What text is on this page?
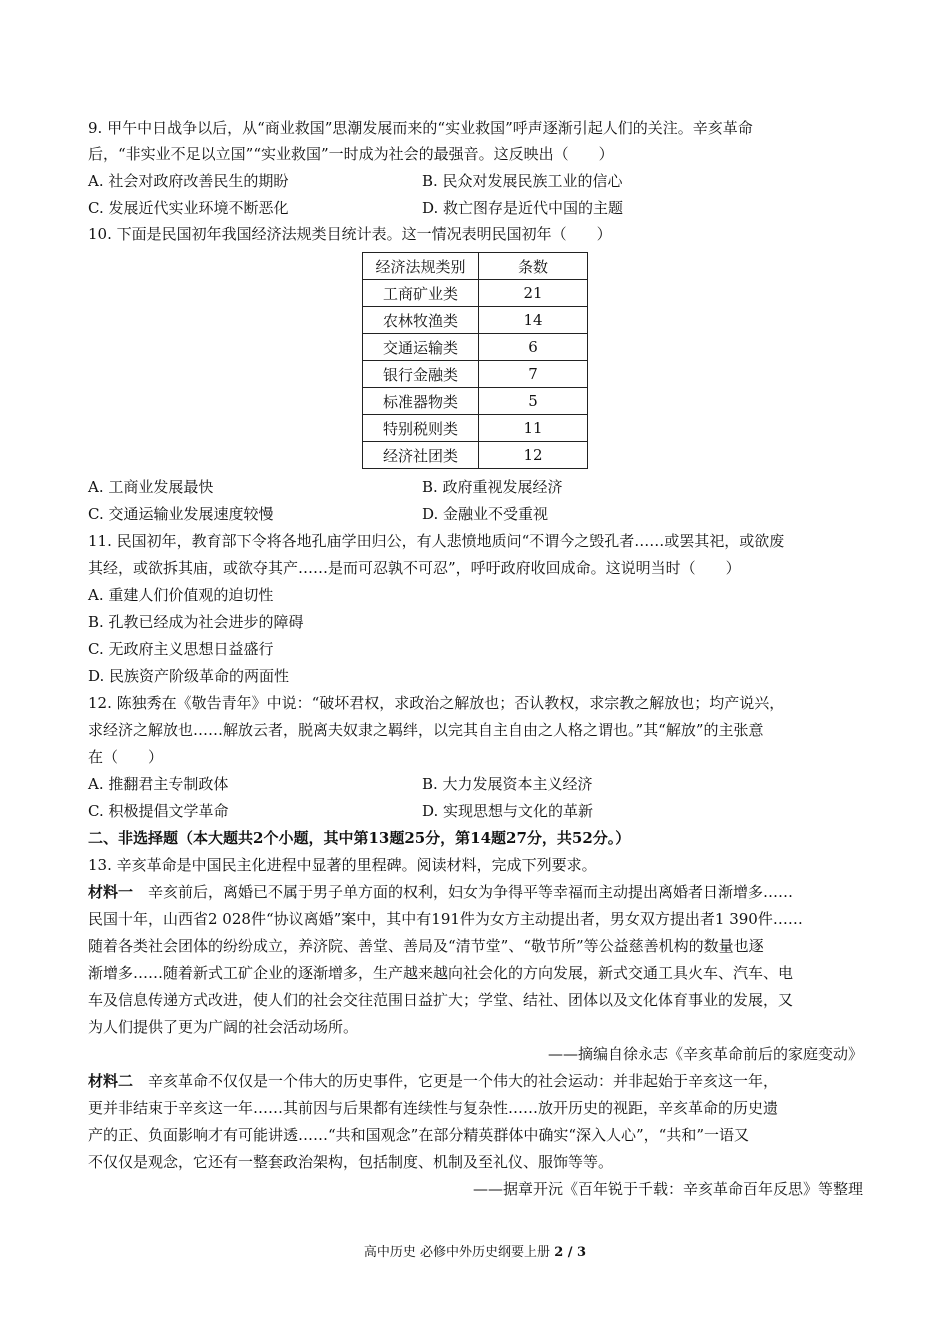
9. 甲午中日战争以后，从“商业救国”思潮发展而来的“实业救国”呼声逐渐引起人们的关注。辛亥革命
后，“非实业不足以立国”“实业救国”一时成为社会的最强音。这反映出（　　）
A. 社会对政府改善民生的期盼	B. 民众对发展民族工业的信心
C. 发展近代实业环境不断恶化	D. 救亡图存是近代中国的主题
10. 下面是民国初年我国经济法规类目统计表。这一情况表明民国初年（　　）
经济法规类别	条数
工商矿业类	21
农林牧渔类	14
交通运输类	6
银行金融类	7
标准器物类	5
特别税则类	11
经济社团类	12
A. 工商业发展最快	B. 政府重视发展经济
C. 交通运输业发展速度较慢	D. 金融业不受重视
11. 民国初年，教育部下令将各地孔庙学田归公，有人悲愤地质问“不谓今之毁孔者……或罢其祀，或欲废
其经，或欲拆其庙，或欲夺其产……是而可忍孰不可忍”，呼吁政府收回成命。这说明当时（　　）
A. 重建人们价值观的迫切性
B. 孔教已经成为社会进步的障碍
C. 无政府主义思想日益盛行
D. 民族资产阶级革命的两面性
12. 陈独秀在《敬告青年》中说：“破坏君权，求政治之解放也；否认教权，求宗教之解放也；均产说兴，
求经济之解放也……解放云者，脱离夫奴隶之羁绊，以完其自主自由之人格之谓也。”其“解放”的主张意
在（　　）
A. 推翻君主专制政体	B. 大力发展资本主义经济
C. 积极提倡文学革命	D. 实现思想与文化的革新
二、非选择题（本大题共2个小题，其中第13题25分，第14题27分，共52分。）
13. 辛亥革命是中国民主化进程中显著的里程碑。阅读材料，完成下列要求。
材料一　辛亥前后，离婚已不属于男子单方面的权利，妇女为争得平等幸福而主动提出离婚者日渐增多……
民国十年，山西省2 028件“协议离婚”案中，其中有191件为女方主动提出者，男女双方提出者1 390件……
随着各类社会团体的纷纷成立，养济院、善堂、善局及“清节堂”、“敬节所”等公益慈善机构的数量也逐
渐增多……随着新式工矿企业的逐渐增多，生产越来越向社会化的方向发展，新式交通工具火车、汽车、电
车及信息传递方式改进，使人们的社会交往范围日益扩大；学堂、结社、团体以及文化体育事业的发展，又
为人们提供了更为广阔的社会活动场所。
——摘编自徐永志《辛亥革命前后的家庭变动》
材料二　辛亥革命不仅仅是一个伟大的历史事件，它更是一个伟大的社会运动：并非起始于辛亥这一年，
更并非结束于辛亥这一年……其前因与后果都有连续性与复杂性……放开历史的视距，辛亥革命的历史遗
产的正、负面影响才有可能讲透……“共和国观念”在部分精英群体中确实“深入人心”，“共和”一语又
不仅仅是观念，它还有一整套政治架构，包括制度、机制及至礼仪、服饰等等。
——据章开沅《百年锐于千载：辛亥革命百年反思》等整理
高中历史 必修中外历史纲要上册 2 / 3
